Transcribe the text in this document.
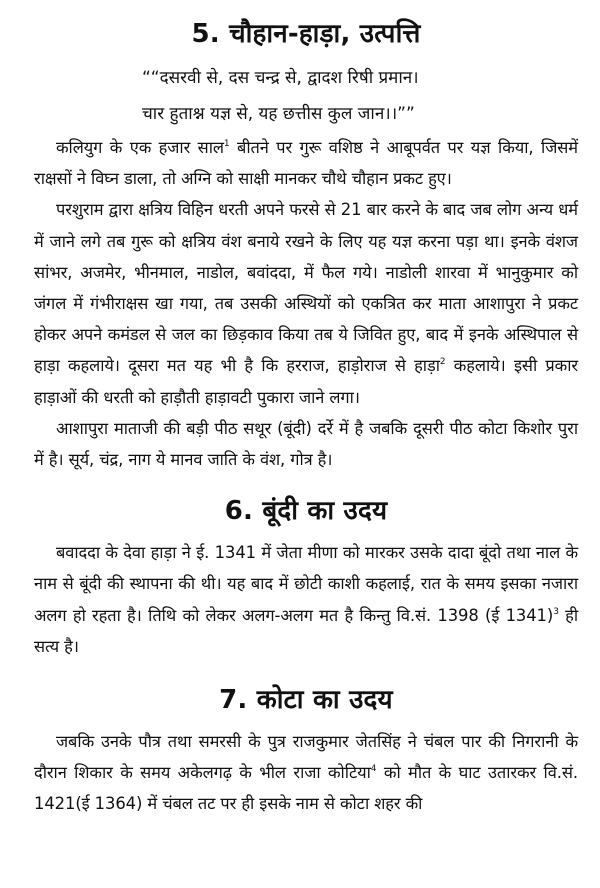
5. चौहान-हाड़ा, उत्पत्ति

““दसरवी से, दस चन्द्र से, द्वादश रिषी प्रमान।

चार हुताश्न यज्ञ से, यह छत्तीस कुल जान।।””

कलियुग के एक हजार साल$^1$ बीतने पर गुरू वशिष्ठ ने आबूपर्वत पर यज्ञ किया, जिसमें राक्षसों ने विघ्न डाला, तो अग्नि को साक्षी मानकर चौथे चौहान प्रकट हुए।

परशुराम द्वारा क्षत्रिय विहिन धरती अपने फरसे से 21 बार करने के बाद जब लोग अन्य धर्म में जाने लगे तब गुरू को क्षत्रिय वंश बनाये रखने के लिए यह यज्ञ करना पड़ा था। इनके वंशज सांभर, अजमेर, भीनमाल, नाडोल, बवांददा, में फैल गये। नाडोली शारवा में भानुकुमार को जंगल में गंभीराक्षस खा गया, तब उसकी अस्थियों को एकत्रित कर माता आशापुरा ने प्रकट होकर अपने कमंडल से जल का छिड़काव किया तब ये जिवित हुए, बाद में इनके अस्थिपाल से हाड़ा कहलाये। दूसरा मत यह भी है कि हरराज, हाड़ोराज से हाड़ा$^2$ कहलाये। इसी प्रकार हाड़ाओं की धरती को हाड़ौती हाड़ावटी पुकारा जाने लगा।

आशापुरा माताजी की बड़ी पीठ सथूर (बूंदी) दर्रे में है जबकि दूसरी पीठ कोटा किशोर पुरा में है। सूर्य, चंद्र, नाग ये मानव जाति के वंश, गोत्र है।

6. बूंदी का उदय

बवाददा के देवा हाड़ा ने ई. 1341 में जेता मीणा को मारकर उसके दादा बूंदो तथा नाल के नाम से बूंदी की स्थापना की थी। यह बाद में छोटी काशी कहलाई, रात के समय इसका नजारा अलग हो रहता है। तिथि को लेकर अलग-अलग मत है किन्तु वि.सं. 1398 (ई 1341)$^3$ ही सत्य है।

7. कोटा का उदय

जबकि उनके पौत्र तथा समरसी के पुत्र राजकुमार जेतसिंह ने चंबल पार की निगरानी के दौरान शिकार के समय अकेलगढ़ के भील राजा कोटिया$^4$ को मौत के घाट उतारकर वि.सं. 1421(ई 1364) में चंबल तट पर ही इसके नाम से कोटा शहर की
